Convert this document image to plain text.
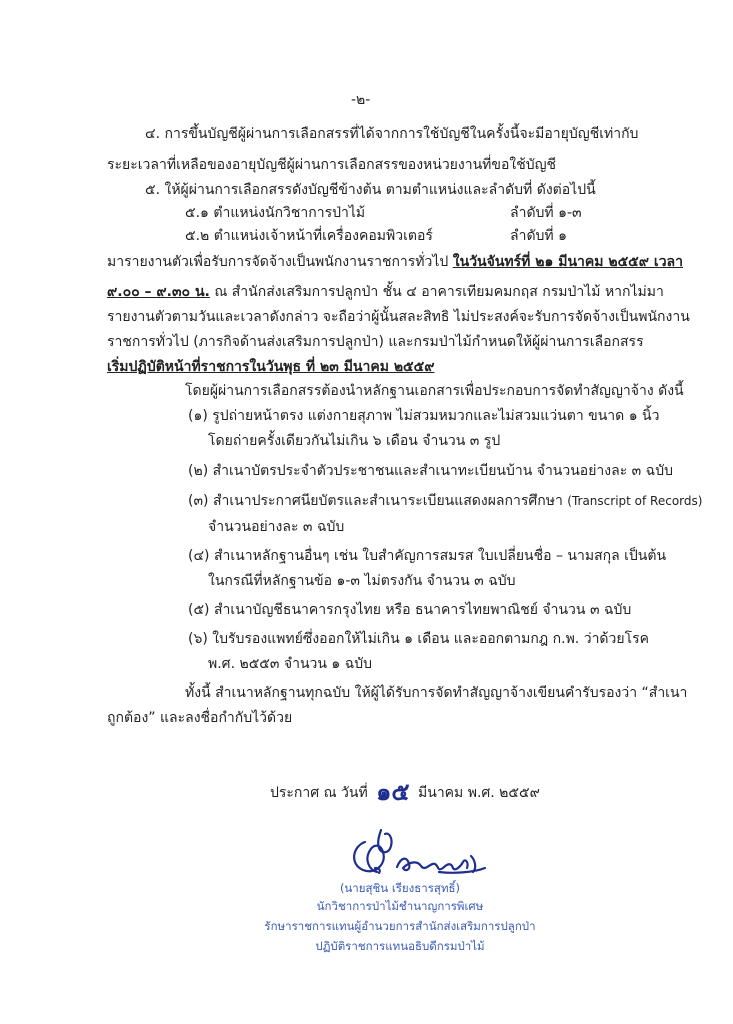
-๒-
๔. การขึ้นบัญชีผู้ผ่านการเลือกสรรที่ได้จากการใช้บัญชีในครั้งนี้จะมีอายุบัญชีเท่ากับ
ระยะเวลาที่เหลือของอายุบัญชีผู้ผ่านการเลือกสรรของหน่วยงานที่ขอใช้บัญชี
๕. ให้ผู้ผ่านการเลือกสรรดังบัญชีข้างต้น ตามตำแหน่งและลำดับที่ ดังต่อไปนี้
๕.๑ ตำแหน่งนักวิชาการป่าไม้	ลำดับที่ ๑-๓
๕.๒ ตำแหน่งเจ้าหน้าที่เครื่องคอมพิวเตอร์	ลำดับที่ ๑
มารายงานตัวเพื่อรับการจัดจ้างเป็นพนักงานราชการทั่วไป ในวันจันทร์ที่ ๒๑ มีนาคม ๒๕๕๙ เวลา
๙.๐๐ – ๙.๓๐ น. ณ สำนักส่งเสริมการปลูกป่า ชั้น ๔ อาคารเทียมคมกฤส กรมป่าไม้ หากไม่มา
รายงานตัวตามวันและเวลาดังกล่าว จะถือว่าผู้นั้นสละสิทธิ ไม่ประสงค์จะรับการจัดจ้างเป็นพนักงาน
ราชการทั่วไป (ภารกิจด้านส่งเสริมการปลูกป่า) และกรมป่าไม้กำหนดให้ผู้ผ่านการเลือกสรร
เริ่มปฏิบัติหน้าที่ราชการในวันพุธ ที่ ๒๓ มีนาคม ๒๕๕๙
โดยผู้ผ่านการเลือกสรรต้องนำหลักฐานเอกสารเพื่อประกอบการจัดทำสัญญาจ้าง ดังนี้
(๑) รูปถ่ายหน้าตรง แต่งกายสุภาพ ไม่สวมหมวกและไม่สวมแว่นตา ขนาด ๑ นิ้ว
โดยถ่ายครั้งเดียวกันไม่เกิน ๖ เดือน จำนวน ๓ รูป
(๒) สำเนาบัตรประจำตัวประชาชนและสำเนาทะเบียนบ้าน จำนวนอย่างละ ๓ ฉบับ
(๓) สำเนาประกาศนียบัตรและสำเนาระเบียนแสดงผลการศึกษา (Transcript of Records)
จำนวนอย่างละ ๓ ฉบับ
(๔) สำเนาหลักฐานอื่นๆ เช่น ใบสำคัญการสมรส ใบเปลี่ยนชื่อ – นามสกุล เป็นต้น
ในกรณีที่หลักฐานข้อ ๑-๓ ไม่ตรงกัน จำนวน ๓ ฉบับ
(๕) สำเนาบัญชีธนาคารกรุงไทย หรือ ธนาคารไทยพาณิชย์ จำนวน ๓ ฉบับ
(๖) ใบรับรองแพทย์ซึ่งออกให้ไม่เกิน ๑ เดือน และออกตามกฎ ก.พ. ว่าด้วยโรค
พ.ศ. ๒๕๕๓ จำนวน ๑ ฉบับ
ทั้งนี้ สำเนาหลักฐานทุกฉบับ ให้ผู้ได้รับการจัดทำสัญญาจ้างเขียนคำรับรองว่า “สำเนา
ถูกต้อง” และลงชื่อกำกับไว้ด้วย
ประกาศ ณ วันที่ ๑๕ มีนาคม พ.ศ. ๒๕๕๙
(นายสุชิน เรียงธารสุทธิ์)
นักวิชาการป่าไม้ชำนาญการพิเศษ
รักษาราชการแทนผู้อำนวยการสำนักส่งเสริมการปลูกป่า
ปฏิบัติราชการแทนอธิบดีกรมป่าไม้
